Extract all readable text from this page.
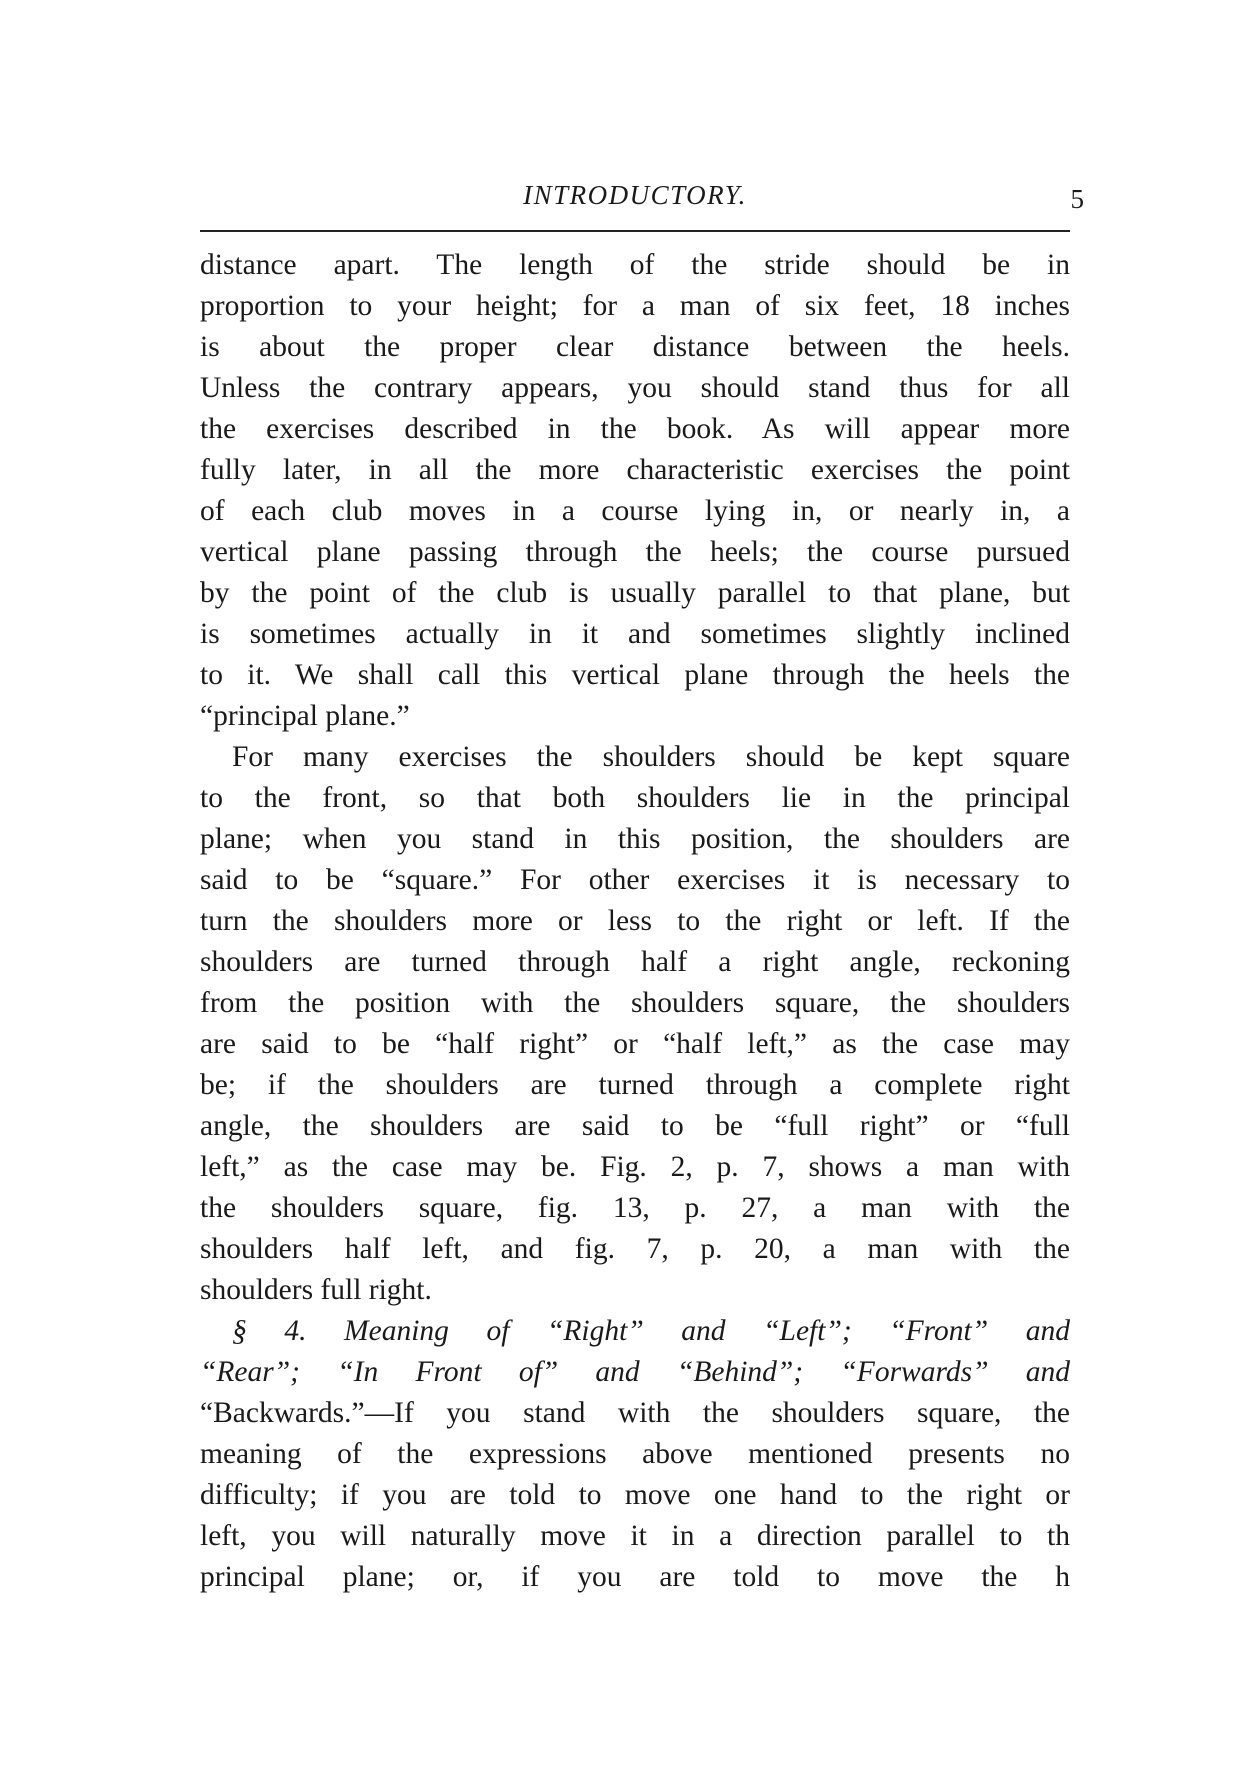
INTRODUCTORY.	5
distance apart. The length of the stride should be in
proportion to your height; for a man of six feet, 18 inches
is about the proper clear distance between the heels.
Unless the contrary appears, you should stand thus for all
the exercises described in the book. As will appear more
fully later, in all the more characteristic exercises the point
of each club moves in a course lying in, or nearly in, a
vertical plane passing through the heels; the course pursued
by the point of the club is usually parallel to that plane, but
is sometimes actually in it and sometimes slightly inclined
to it. We shall call this vertical plane through the heels the
“principal plane.”
For many exercises the shoulders should be kept square
to the front, so that both shoulders lie in the principal
plane; when you stand in this position, the shoulders are
said to be “square.” For other exercises it is necessary to
turn the shoulders more or less to the right or left. If the
shoulders are turned through half a right angle, reckoning
from the position with the shoulders square, the shoulders
are said to be “half right” or “half left,” as the case may
be; if the shoulders are turned through a complete right
angle, the shoulders are said to be “full right” or “full
left,” as the case may be. Fig. 2, p. 7, shows a man with
the shoulders square, fig. 13, p. 27, a man with the
shoulders half left, and fig. 7, p. 20, a man with the
shoulders full right.
§ 4. Meaning of “Right” and “Left”; “Front” and
“Rear”; “In Front of” and “Behind”; “Forwards” and
“Backwards.”—If you stand with the shoulders square, the
meaning of the expressions above mentioned presents no
difficulty; if you are told to move one hand to the right or
left, you will naturally move it in a direction parallel to th
principal plane; or, if you are told to move the h
